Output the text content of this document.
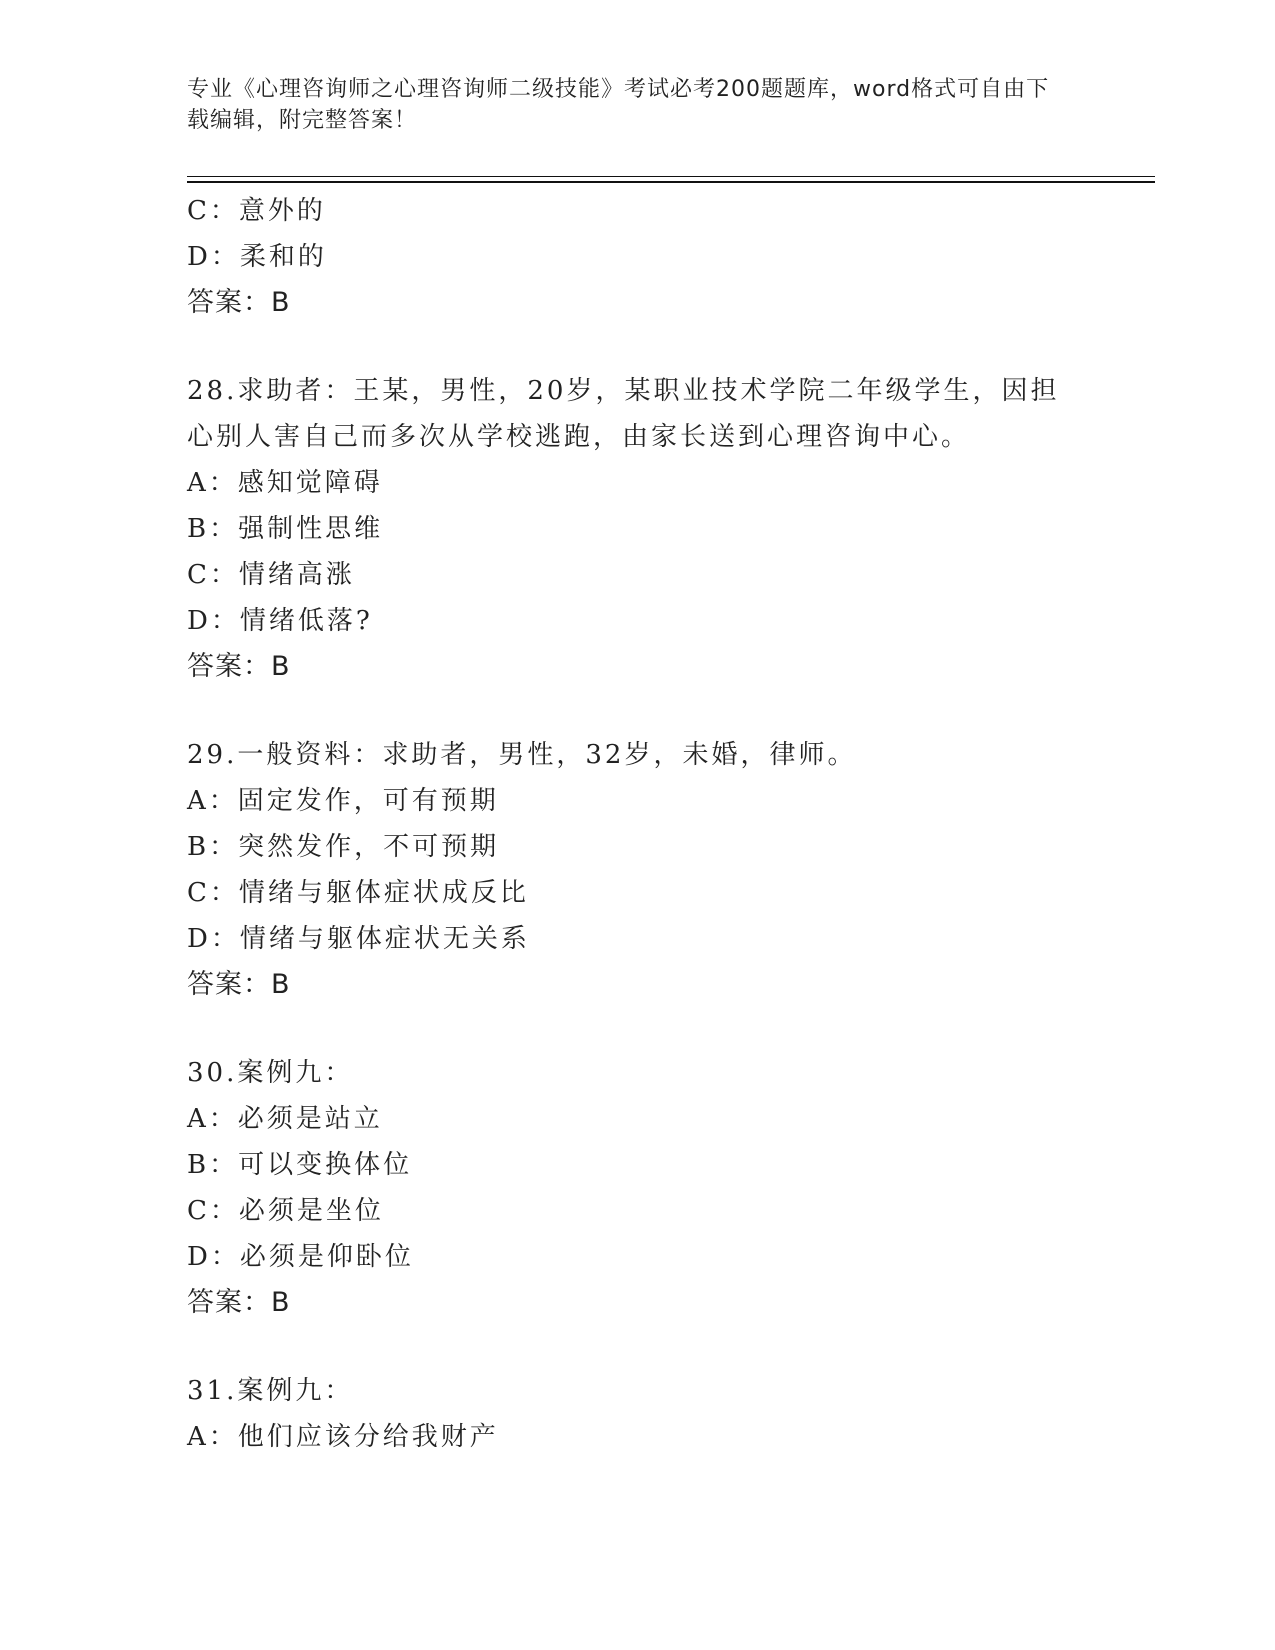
专业《心理咨询师之心理咨询师二级技能》考试必考200题题库，word格式可自由下载编辑，附完整答案！
C：意外的
D：柔和的
答案：B
28.求助者：王某，男性，20岁，某职业技术学院二年级学生，因担心别人害自己而多次从学校逃跑，由家长送到心理咨询中心。
A：感知觉障碍
B：强制性思维
C：情绪高涨
D：情绪低落?
答案：B
29.一般资料：求助者，男性，32岁，未婚，律师。
A：固定发作，可有预期
B：突然发作，不可预期
C：情绪与躯体症状成反比
D：情绪与躯体症状无关系
答案：B
30.案例九：
A：必须是站立
B：可以变换体位
C：必须是坐位
D：必须是仰卧位
答案：B
31.案例九：
A：他们应该分给我财产
